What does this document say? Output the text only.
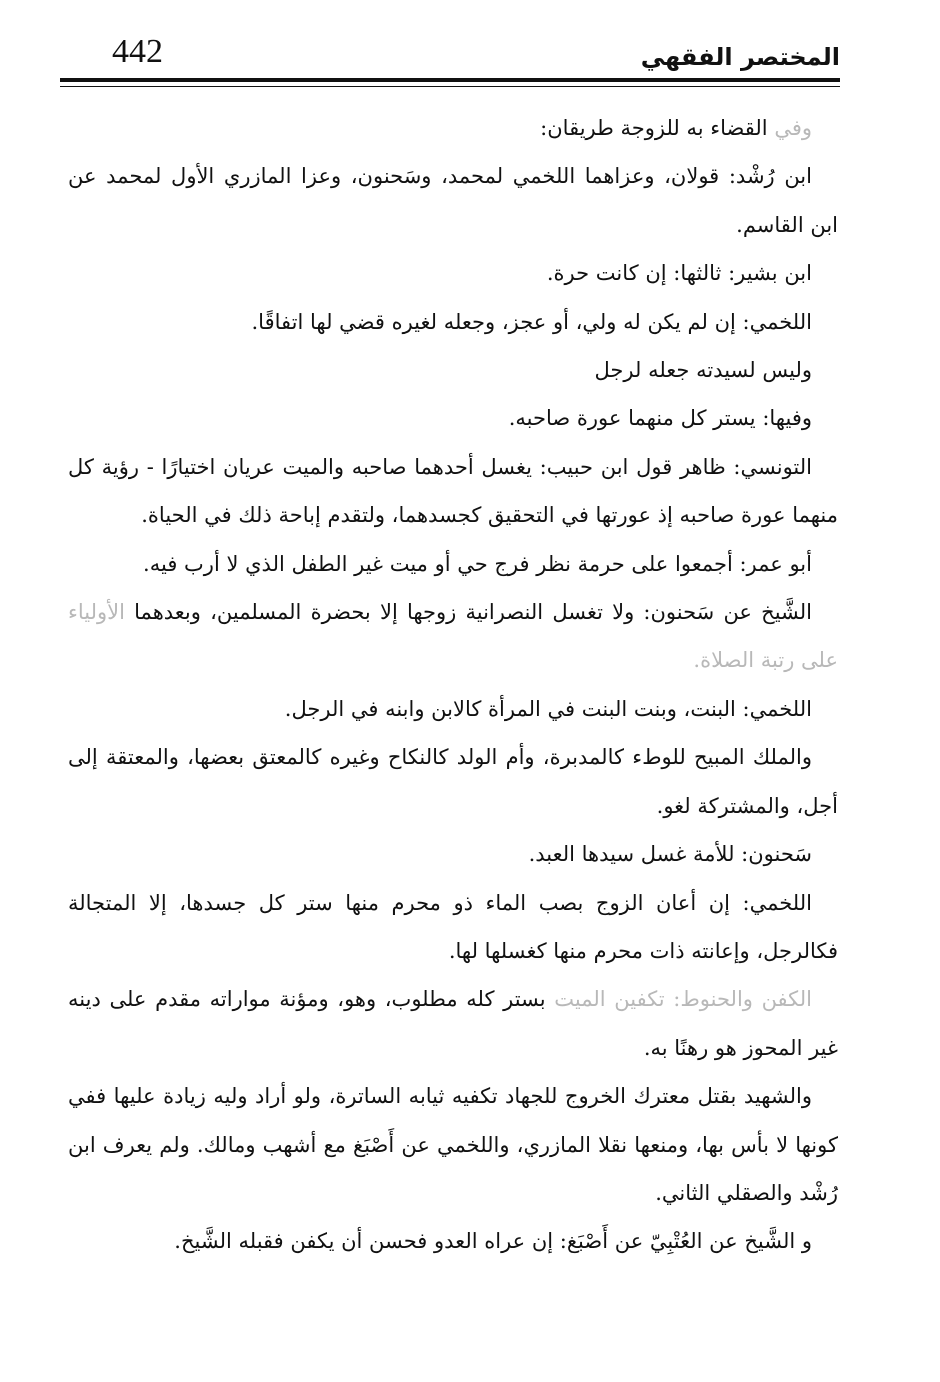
442	المختصر الفقهي

وفي القضاء به للزوجة طريقان:

ابن رُشْد: قولان، وعزاهما اللخمي لمحمد، وسَحنون، وعزا المازري الأول لمحمد عن ابن القاسم.

ابن بشير: ثالثها: إن كانت حرة.

اللخمي: إن لم يكن له ولي، أو عجز، وجعله لغيره قضي لها اتفاقًا.

وليس لسيدته جعله لرجل

وفيها: يستر كل منهما عورة صاحبه.

التونسي: ظاهر قول ابن حبيب: يغسل أحدهما صاحبه والميت عريان اختيارًا - رؤية كل منهما عورة صاحبه إذ عورتها في التحقيق كجسدهما، ولتقدم إباحة ذلك في الحياة.

أبو عمر: أجمعوا على حرمة نظر فرج حي أو ميت غير الطفل الذي لا أرب فيه.

الشَّيخ عن سَحنون: ولا تغسل النصرانية زوجها إلا بحضرة المسلمين، وبعدهما الأولياء على رتبة الصلاة.

اللخمي: البنت، وبنت البنت في المرأة كالابن وابنه في الرجل.

والملك المبيح للوطء كالمدبرة، وأم الولد كالنكاح وغيره كالمعتق بعضها، والمعتقة إلى أجل، والمشتركة لغو.

سَحنون: للأمة غسل سيدها العبد.

اللخمي: إن أعان الزوج بصب الماء ذو محرم منها ستر كل جسدها، إلا المتجالة فكالرجل، وإعانته ذات محرم منها كغسلها لها.

الكفن والحنوط: تكفين الميت بستر كله مطلوب، وهو، ومؤنة مواراته مقدم على دينه غير المحوز هو رهنًا به.

والشهيد بقتل معترك الخروج للجهاد تكفيه ثيابه الساترة، ولو أراد وليه زيادة عليها ففي كونها لا بأس بها، ومنعها نقلا المازري، واللخمي عن أَصْبَغ مع أشهب ومالك. ولم يعرف ابن رُشْد والصقلي الثاني.

و الشَّيخ عن العُتْبِيّ عن أَصْبَغ: إن عراه العدو فحسن أن يكفن فقبله الشَّيخ.
